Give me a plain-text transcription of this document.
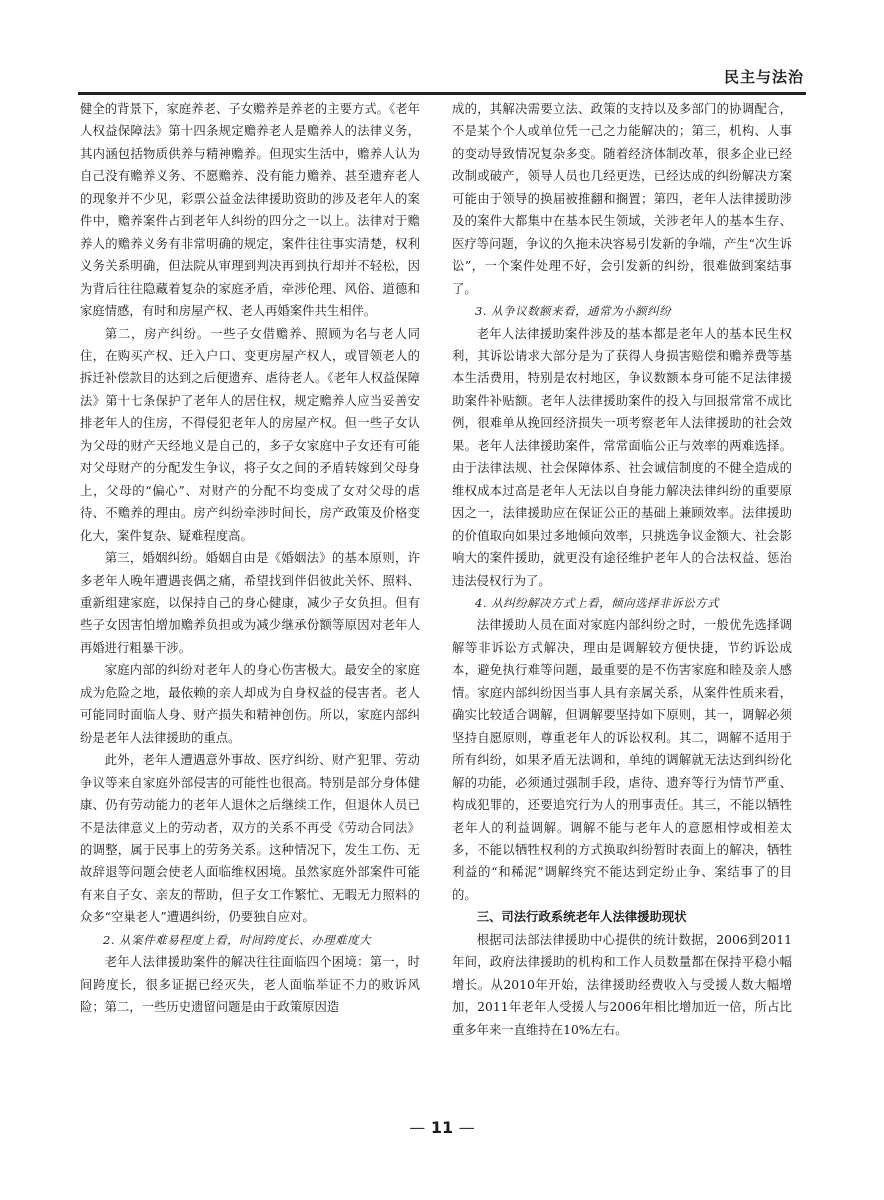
民主与法治

健全的背景下，家庭养老、子女赡养是养老的主要方式。《老年人权益保障法》第十四条规定赡养老人是赡养人的法律义务，其内涵包括物质供养与精神赡养。但现实生活中，赡养人认为自己没有赡养义务、不愿赡养、没有能力赡养、甚至遗弃老人的现象并不少见，彩票公益金法律援助资助的涉及老年人的案件中，赡养案件占到老年人纠纷的四分之一以上。法律对于赡养人的赡养义务有非常明确的规定，案件往往事实清楚，权利义务关系明确，但法院从审理到判决再到执行却并不轻松，因为背后往往隐藏着复杂的家庭矛盾，牵涉伦理、风俗、道德和家庭情感，有时和房屋产权、老人再婚案件共生相伴。

第二，房产纠纷。一些子女借赡养、照顾为名与老人同住，在购买产权、迁入户口、变更房屋产权人，或冒领老人的拆迁补偿款目的达到之后便遗弃、虐待老人。《老年人权益保障法》第十七条保护了老年人的居住权，规定赡养人应当妥善安排老年人的住房，不得侵犯老年人的房屋产权。但一些子女认为父母的财产天经地义是自己的，多子女家庭中子女还有可能对父母财产的分配发生争议，将子女之间的矛盾转嫁到父母身上，父母的“偏心”、对财产的分配不均变成了女对父母的虐待、不赡养的理由。房产纠纷牵涉时间长，房产政策及价格变化大，案件复杂、疑难程度高。

第三，婚姻纠纷。婚姻自由是《婚姻法》的基本原则，许多老年人晚年遭遇丧偶之痛，希望找到伴侣彼此关怀、照料、重新组建家庭，以保持自己的身心健康，减少子女负担。但有些子女因害怕增加赡养负担或为减少继承份额等原因对老年人再婚进行粗暴干涉。

家庭内部的纠纷对老年人的身心伤害极大。最安全的家庭成为危险之地，最依赖的亲人却成为自身权益的侵害者。老人可能同时面临人身、财产损失和精神创伤。所以，家庭内部纠纷是老年人法律援助的重点。

此外，老年人遭遇意外事故、医疗纠纷、财产犯罪、劳动争议等来自家庭外部侵害的可能性也很高。特别是部分身体健康、仍有劳动能力的老年人退休之后继续工作，但退休人员已不是法律意义上的劳动者，双方的关系不再受《劳动合同法》的调整，属于民事上的劳务关系。这种情况下，发生工伤、无故辞退等问题会使老人面临维权困境。虽然家庭外部案件可能有来自子女、亲友的帮助，但子女工作繁忙、无暇无力照料的众多“空巢老人”遭遇纠纷，仍要独自应对。

2. 从案件难易程度上看，时间跨度长、办理难度大

老年人法律援助案件的解决往往面临四个困境：第一，时间跨度长，很多证据已经灭失，老人面临举证不力的败诉风险；第二，一些历史遗留问题是由于政策原因造

成的，其解决需要立法、政策的支持以及多部门的协调配合，不是某个个人或单位凭一己之力能解决的；第三，机构、人事的变动导致情况复杂多变。随着经济体制改革，很多企业已经改制或破产，领导人员也几经更迭，已经达成的纠纷解决方案可能由于领导的换届被推翻和搁置；第四，老年人法律援助涉及的案件大都集中在基本民生领域，关涉老年人的基本生存、医疗等问题，争议的久拖未决容易引发新的争端，产生“次生诉讼”，一个案件处理不好，会引发新的纠纷，很难做到案结事了。

3. 从争议数额来看，通常为小额纠纷

老年人法律援助案件涉及的基本都是老年人的基本民生权利，其诉讼请求大部分是为了获得人身损害赔偿和赡养费等基本生活费用，特别是农村地区，争议数额本身可能不足法律援助案件补贴额。老年人法律援助案件的投入与回报常常不成比例，很难单从挽回经济损失一项考察老年人法律援助的社会效果。老年人法律援助案件，常常面临公正与效率的两难选择。由于法律法规、社会保障体系、社会诚信制度的不健全造成的维权成本过高是老年人无法以自身能力解决法律纠纷的重要原因之一，法律援助应在保证公正的基础上兼顾效率。法律援助的价值取向如果过多地倾向效率，只挑选争议金额大、社会影响大的案件援助，就更没有途径维护老年人的合法权益、惩治违法侵权行为了。

4. 从纠纷解决方式上看，倾向选择非诉讼方式

法律援助人员在面对家庭内部纠纷之时，一般优先选择调解等非诉讼方式解决，理由是调解较方便快捷，节约诉讼成本，避免执行难等问题，最重要的是不伤害家庭和睦及亲人感情。家庭内部纠纷因当事人具有亲属关系，从案件性质来看，确实比较适合调解，但调解要坚持如下原则，其一，调解必须坚持自愿原则，尊重老年人的诉讼权利。其二，调解不适用于所有纠纷，如果矛盾无法调和，单纯的调解就无法达到纠纷化解的功能，必须通过强制手段，虐待、遗弃等行为情节严重、构成犯罪的，还要追究行为人的刑事责任。其三，不能以牺牲老年人的利益调解。调解不能与老年人的意愿相悖或相差太多，不能以牺牲权利的方式换取纠纷暂时表面上的解决，牺牲利益的“和稀泥”调解终究不能达到定纷止争、案结事了的目的。

三、司法行政系统老年人法律援助现状

根据司法部法律援助中心提供的统计数据，2006到2011年间，政府法律援助的机构和工作人员数量都在保持平稳小幅增长。从2010年开始，法律援助经费收入与受援人数大幅增加，2011年老年人受援人与2006年相比增加近一倍，所占比重多年来一直维持在10%左右。

— 11 —
